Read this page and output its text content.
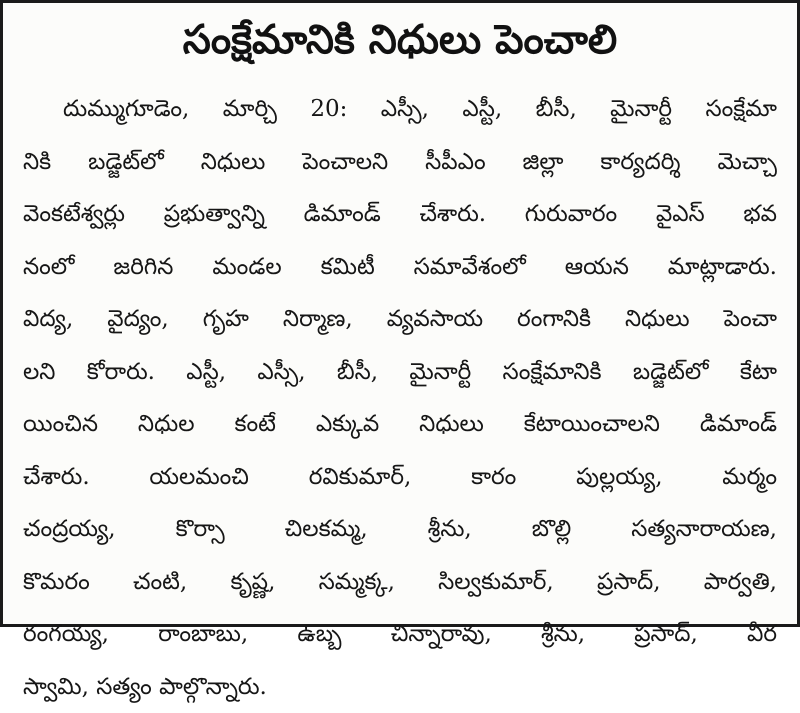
సంక్షేమానికి నిధులు పెంచాలి
దుమ్ముగూడెం, మార్చి 20: ఎస్సీ, ఎస్టీ, బీసీ, మైనార్టీ సంక్షేమా
నికి బడ్జెట్‌లో నిధులు పెంచాలని సీపీఎం జిల్లా కార్యదర్శి మెచ్చా
వెంకటేశ్వర్లు ప్రభుత్వాన్ని డిమాండ్ చేశారు. గురువారం వైఎస్ భవ
నంలో జరిగిన మండల కమిటీ సమావేశంలో ఆయన మాట్లాడారు.
విద్య, వైద్యం, గృహ నిర్మాణ, వ్యవసాయ రంగానికి నిధులు పెంచా
లని కోరారు. ఎస్టీ, ఎస్సీ, బీసీ, మైనార్టీ సంక్షేమానికి బడ్జెట్‌లో కేటా
యించిన నిధుల కంటే ఎక్కువ నిధులు కేటాయించాలని డిమాండ్
చేశారు. యలమంచి రవికుమార్, కారం పుల్లయ్య, మర్మం
చంద్రయ్య, కొర్సా చిలకమ్మ, శ్రీను, బొల్లి సత్యనారాయణ,
కొమరం చంటి, కృష్ణ, సమ్మక్క, సిల్వకుమార్, ప్రసాద్, పార్వతి,
రంగయ్య, రాంబాబు, ఉబ్బ చిన్నారావు, శ్రీను, ప్రసాద్, వీర
స్వామి, సత్యం పాల్గొన్నారు.
